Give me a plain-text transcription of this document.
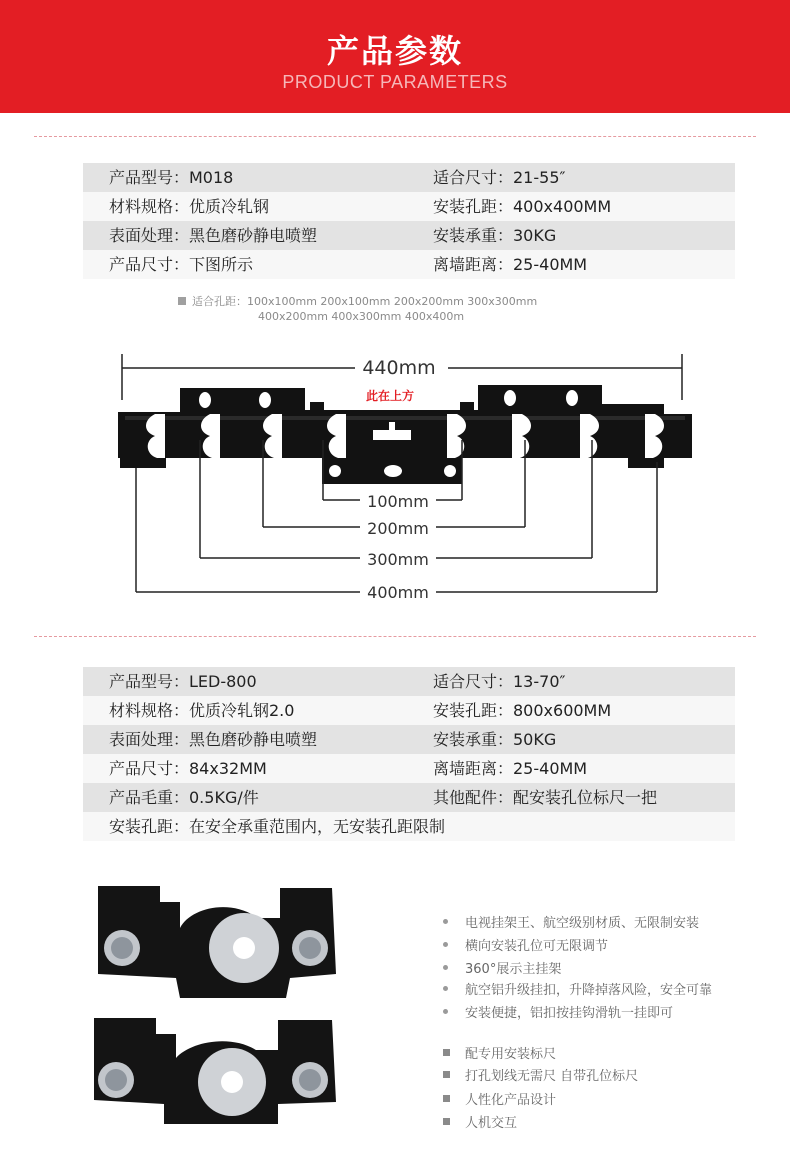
产品参数
PRODUCT PARAMETERS
产品型号：M018	适合尺寸：21-55″
材料规格：优质冷轧钢	安装孔距：400x400MM
表面处理：黑色磨砂静电喷塑	安装承重：30KG
产品尺寸：下图所示	离墙距离：25-40MM
适合孔距：100x100mm 200x100mm 200x200mm 300x300mm
400x200mm 400x300mm 400x400m
440mm
此在上方
100mm
200mm
300mm
400mm
产品型号：LED-800	适合尺寸：13-70″
材料规格：优质冷轧钢2.0	安装孔距：800x600MM
表面处理：黑色磨砂静电喷塑	安装承重：50KG
产品尺寸：84x32MM	离墙距离：25-40MM
产品毛重：0.5KG/件	其他配件：配安装孔位标尺一把
安装孔距：在安全承重范围内，无安装孔距限制
电视挂架王、航空级别材质、无限制安装
横向安装孔位可无限调节
360°展示主挂架
航空铝升级挂扣，升降掉落风险，安全可靠
安装便捷，铝扣按挂钩滑轨一挂即可
配专用安装标尺
打孔划线无需尺 自带孔位标尺
人性化产品设计
人机交互
